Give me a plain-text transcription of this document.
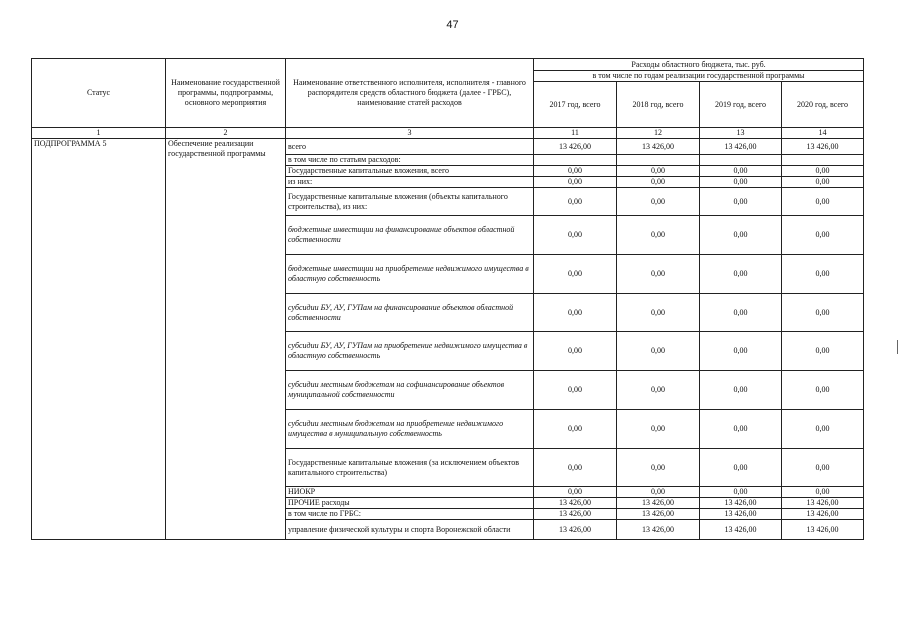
47
Статус	Наименование государственной программы, подпрограммы, основного мероприятия	Наименование ответственного исполнителя, исполнителя - главного распорядителя средств областного бюджета (далее - ГРБС), наименование статей расходов	Расходы областного бюджета, тыс. руб.			
			в том числе по годам реализации государственной программы			
			2017 год, всего	2018 год, всего	2019 год, всего	2020 год, всего
1	2	3	11	12	13	14
ПОДПРОГРАММА 5	Обеспечение реализации государственной программы	всего	13 426,00	13 426,00	13 426,00	13 426,00
		в том числе по статьям расходов:				
		Государственные капитальные вложения, всего	0,00	0,00	0,00	0,00
		из них:	0,00	0,00	0,00	0,00
		Государственные капитальные вложения (объекты капитального строительства), из них:	0,00	0,00	0,00	0,00
		бюджетные инвестиции на финансирование объектов областной собственности	0,00	0,00	0,00	0,00
		бюджетные инвестиции на приобретение недвижимого имущества в областную собственность	0,00	0,00	0,00	0,00
		субсидии БУ, АУ, ГУПам на финансирование объектов областной собственности	0,00	0,00	0,00	0,00
		субсидии БУ, АУ, ГУПам на приобретение недвижимого имущества в областную собственность	0,00	0,00	0,00	0,00
		субсидии местным бюджетам на софинансирование объектов муниципальной собственности	0,00	0,00	0,00	0,00
		субсидии местным бюджетам на приобретение недвижимого имущества в муниципальную собственность	0,00	0,00	0,00	0,00
		Государственные капитальные вложения (за исключением объектов капитального строительства)	0,00	0,00	0,00	0,00
		НИОКР	0,00	0,00	0,00	0,00
		ПРОЧИЕ расходы	13 426,00	13 426,00	13 426,00	13 426,00
		в том числе по ГРБС:	13 426,00	13 426,00	13 426,00	13 426,00
		управление физической культуры и спорта Воронежской области	13 426,00	13 426,00	13 426,00	13 426,00
